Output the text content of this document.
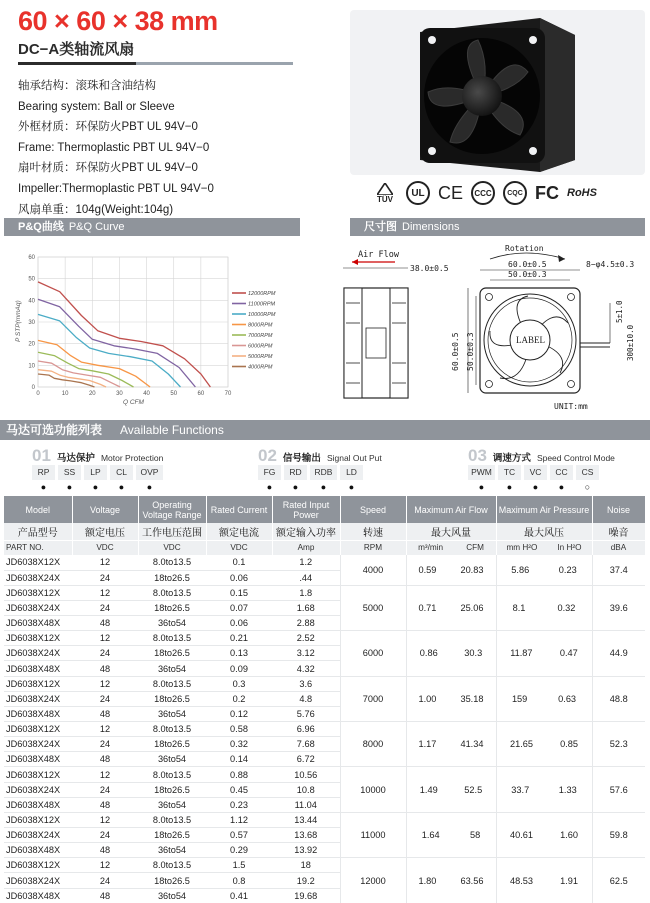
60 × 60 × 38 mm
DC−A类轴流风扇
轴承结构：滚珠和含油结构
Bearing system: Ball or Sleeve
外框材质：环保防火PBT UL 94V−0
Frame: Thermoplastic PBT UL 94V−0
扇叶材质：环保防火PBT UL 94V−0
Impeller:Thermoplastic PBT UL 94V−0
风扇单重：104g(Weight:104g)
TÜV
UL CE	CCC	CQC FC RoHS
P&Q曲线 P&Q Curve	尺寸图 Dimensions
0	10	20	30	40	50	60	70
0
10
20
30
40
50
60
P STP(mmAq)
Q CFM
12000RPM
11000RPM
10000RPM
8000RPM
7000RPM
6000RPM
5000RPM
4000RPM
Air Flow
38.0±0.5
Rotation
60.0±0.5
50.0±0.3
8−φ4.5±0.3
LABEL
60.0±0.5 50.0±0.3
5±1.0
300±10.0
UNIT:mm
马达可选功能列表 Available Functions
01 马达保护 Motor Protection
RP
●
SS
●
LP
●
CL
●
OVP
●
02 信号输出 Signal Out Put
FG
●
RD
●
RDB
●
LD
●
03 调速方式 Speed Control Mode
PWM
●
TC
●
VC
●
CC
●
CS
○
Model	Voltage	Operating Voltage Range	Rated Current	Rated Input Power	Speed	Maximum Air Flow	Maximum Air Pressure	Noise
产品型号	额定电压	工作电压范围	额定电流	额定输入功率	转速	最大风量	最大风压	噪音
PART NO.	VDC	VDC	VDC	Amp	RPM	m³/min CFM	mm H²O In H²O	dBA
JD6038X12X	12	8.0to13.5	0.1	1.2	4000	0.59 20.83	5.86 0.23	37.4
JD6038X24X	24	18to26.5	0.06	.44				
JD6038X12X	12	8.0to13.5	0.15	1.8	5000	0.71 25.06	8.1 0.32	39.6
JD6038X24X	24	18to26.5	0.07	1.68				
JD6038X48X	48	36to54	0.06	2.88				
JD6038X12X	12	8.0to13.5	0.21	2.52	6000	0.86 30.3	11.87 0.47	44.9
JD6038X24X	24	18to26.5	0.13	3.12				
JD6038X48X	48	36to54	0.09	4.32				
JD6038X12X	12	8.0to13.5	0.3	3.6	7000	1.00 35.18	159 0.63	48.8
JD6038X24X	24	18to26.5	0.2	4.8				
JD6038X48X	48	36to54	0.12	5.76				
JD6038X12X	12	8.0to13.5	0.58	6.96	8000	1.17 41.34	21.65 0.85	52.3
JD6038X24X	24	18to26.5	0.32	7.68				
JD6038X48X	48	36to54	0.14	6.72				
JD6038X12X	12	8.0to13.5	0.88	10.56	10000	1.49 52.5	33.7 1.33	57.6
JD6038X24X	24	18to26.5	0.45	10.8				
JD6038X48X	48	36to54	0.23	11.04				
JD6038X12X	12	8.0to13.5	1.12	13.44	11000	1.64 58	40.61 1.60	59.8
JD6038X24X	24	18to26.5	0.57	13.68				
JD6038X48X	48	36to54	0.29	13.92				
JD6038X12X	12	8.0to13.5	1.5	18	12000	1.80 63.56	48.53 1.91	62.5
JD6038X24X	24	18to26.5	0.8	19.2				
JD6038X48X	48	36to54	0.41	19.68				
